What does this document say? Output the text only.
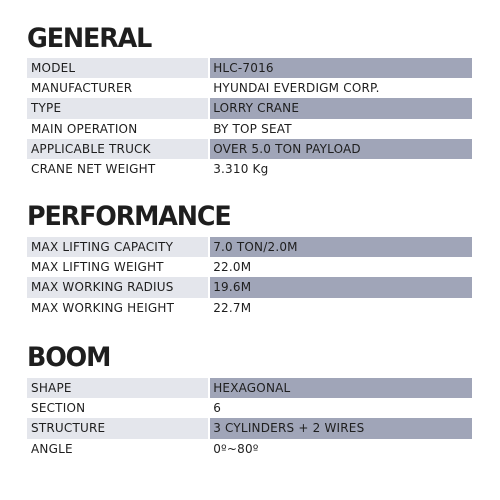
GENERAL
MODEL	HLC-7016
MANUFACTURER	HYUNDAI EVERDIGM CORP.
TYPE	LORRY CRANE
MAIN OPERATION	BY TOP SEAT
APPLICABLE TRUCK	OVER 5.0 TON PAYLOAD
CRANE NET WEIGHT	3.310 Kg
PERFORMANCE
MAX LIFTING CAPACITY	7.0 TON/2.0M
MAX LIFTING WEIGHT	22.0M
MAX WORKING RADIUS	19.6M
MAX WORKING HEIGHT	22.7M
BOOM
SHAPE	HEXAGONAL
SECTION	6
STRUCTURE	3 CYLINDERS + 2 WIRES
ANGLE	0º~80º
